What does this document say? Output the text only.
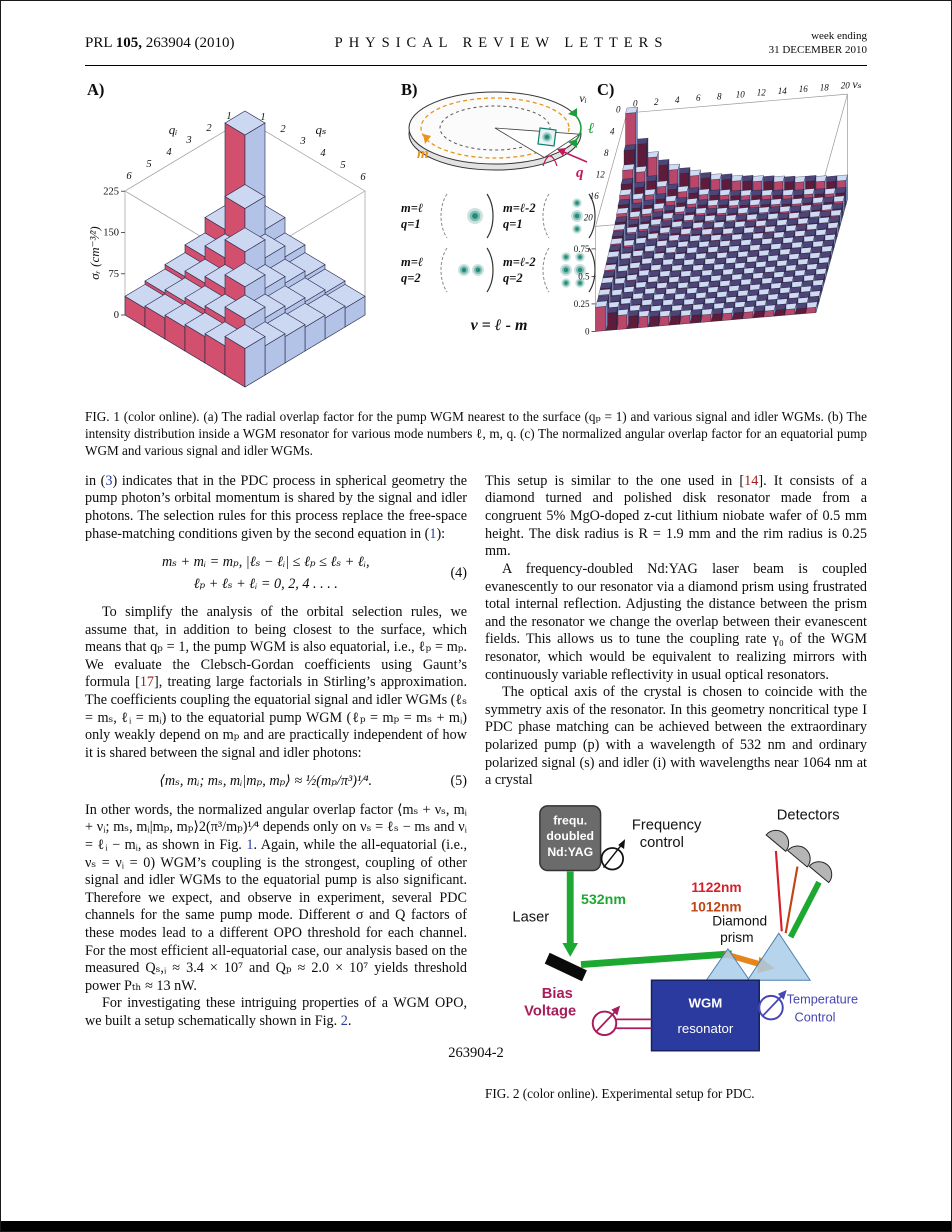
PRL 105, 263904 (2010)	PHYSICAL REVIEW LETTERS	week ending
31 DECEMBER 2010
A)	B)	C)
0
75
150
225
1
2
3
4
5
6
1
2
3
4
5
6
qᵢ	qₛ
σᵣ (cm⁻³⁄²)
m
q
ℓ
m=ℓ
q=1
m=ℓ-2
q=1
m=ℓ
q=2
m=ℓ-2
q=2
ν = ℓ - m	0
0.25
0.5
0.75
0
4
8
12
16
20
0 2 4 6 8 10 12 14 16 18 20
νᵢ
νₛ

FIG. 1 (color online). (a) The radial overlap factor for the pump WGM nearest to the surface (qₚ = 1) and various signal and idler WGMs. (b) The intensity distribution inside a WGM resonator for various mode numbers ℓ, m, q. (c) The normalized angular overlap factor for an equatorial pump WGM and various signal and idler WGMs.

in (3) indicates that in the PDC process in spherical geometry the pump photon’s orbital momentum is shared by the signal and idler photons. The selection rules for this process replace the free-space phase-matching conditions given by the second equation in (1):

mₛ + mᵢ = mₚ, |ℓₛ − ℓᵢ| ≤ ℓₚ ≤ ℓₛ + ℓᵢ,
ℓₚ + ℓₛ + ℓᵢ = 0, 2, 4 . . . .
(4)

To simplify the analysis of the orbital selection rules, we assume that, in addition to being closest to the surface, which means that qₚ = 1, the pump WGM is also equatorial, i.e., ℓₚ = mₚ. We evaluate the Clebsch-Gordan coefficients using Gaunt’s formula [17], treating large factorials in Stirling’s approximation. The coefficients coupling the equatorial signal and idler WGMs (ℓₛ = mₛ, ℓᵢ = mᵢ) to the equatorial pump WGM (ℓₚ = mₚ = mₛ + mᵢ) only weakly depend on mₚ and are practically independent of how it is shared between the signal and idler photons:

⟨mₛ, mᵢ; mₛ, mᵢ|mₚ, mₚ⟩ ≈ ½(mₚ/π³)¹⁄⁴.	(5)

In other words, the normalized angular overlap factor ⟨mₛ + νₛ, mᵢ + νᵢ; mₛ, mᵢ|mₚ, mₚ⟩2(π³/mₚ)¹⁄⁴ depends only on νₛ = ℓₛ − mₛ and νᵢ = ℓᵢ − mᵢ, as shown in Fig. 1. Again, while the all-equatorial (i.e., νₛ = νᵢ = 0) WGM’s coupling is the strongest, coupling of other signal and idler WGMs to the equatorial pump is also significant. Therefore we expect, and observe in experiment, several PDC channels for the same pump mode. Different σ and Q factors of these modes lead to a different OPO threshold for each channel. For the most efficient all-equatorial case, our analysis based on the measured Qₛ,ᵢ ≈ 3.4 × 10⁷ and Qₚ ≈ 2.0 × 10⁷ yields threshold power Pₜₕ ≈ 13 nW.

For investigating these intriguing properties of a WGM OPO, we built a setup schematically shown in Fig. 2.

This setup is similar to the one used in [14]. It consists of a diamond turned and polished disk resonator made from a congruent 5% MgO-doped z-cut lithium niobate wafer of 0.5 mm height. The disk radius is R = 1.9 mm and the rim radius is 0.25 mm.

A frequency-doubled Nd:YAG laser beam is coupled evanescently to our resonator via a diamond prism using frustrated total internal reflection. Adjusting the distance between the prism and the resonator we change the overlap between their evanescent fields. This allows us to tune the coupling rate γ₀ of the WGM resonator, which would be equivalent to realizing mirrors with continuously variable reflectivity in usual optical resonators.

The optical axis of the crystal is chosen to coincide with the symmetry axis of the resonator. In this geometry noncritical type I PDC phase matching can be achieved between the extraordinary polarized pump (p) with a wavelength of 532 nm and ordinary polarized signal (s) and idler (i) with wavelengths near 1064 nm at a crystal

frequ.
doubled
Nd:YAG
Frequency
control
Detectors
532nm
Laser
1122nm
1012nm
Diamond
prism
WGM
resonator
Temperature
Control
Bias
Voltage

FIG. 2 (color online). Experimental setup for PDC.

263904-2
